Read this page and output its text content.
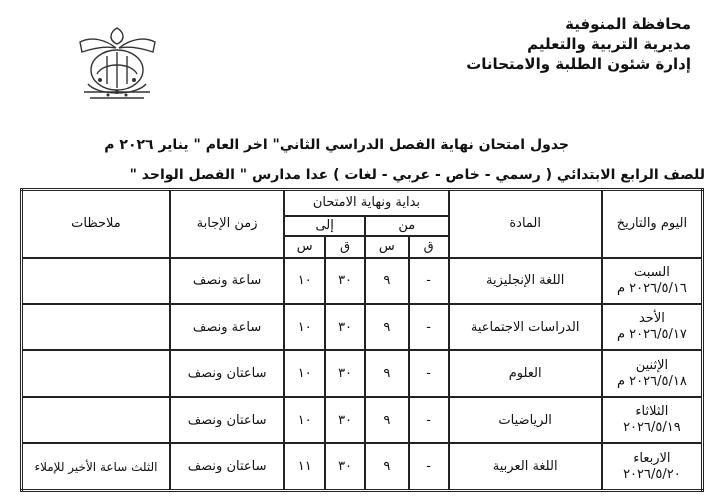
محافظة المنوفية
مديرية التربية والتعليم
إدارة شئون الطلبة والامتحانات
جدول امتحان نهاية الفصل الدراسي الثاني" اخر العام " يناير ٢٠٢٦ م
للصف الرابع الابتدائي ( رسمي - خاص - عربي - لغات ) عدا مدارس " الفصل الواحد "
اليوم والتاريخ	المادة	بداية ونهاية الامتحان				زمن الإجابة	ملاحظات
		من		إلى			
		ق	س	ق	س		

السبت
٢٠٢٦/٥/١٦ م	اللغة الإنجليزية	-	٩	٣٠	١٠	ساعة ونصف	

الأحد
٢٠٢٦/٥/١٧ م	الدراسات الاجتماعية	-	٩	٣٠	١٠	ساعة ونصف	

الإثنين
٢٠٢٦/٥/١٨ م	العلوم	-	٩	٣٠	١٠	ساعتان ونصف	

الثلاثاء
٢٠٢٦/٥/١٩	الرياضيات	-	٩	٣٠	١٠	ساعتان ونصف	

الاربعاء
٢٠٢٦/٥/٢٠	اللغة العربية	-	٩	٣٠	١١	ساعتان ونصف	الثلث ساعة الأخير للإملاء
